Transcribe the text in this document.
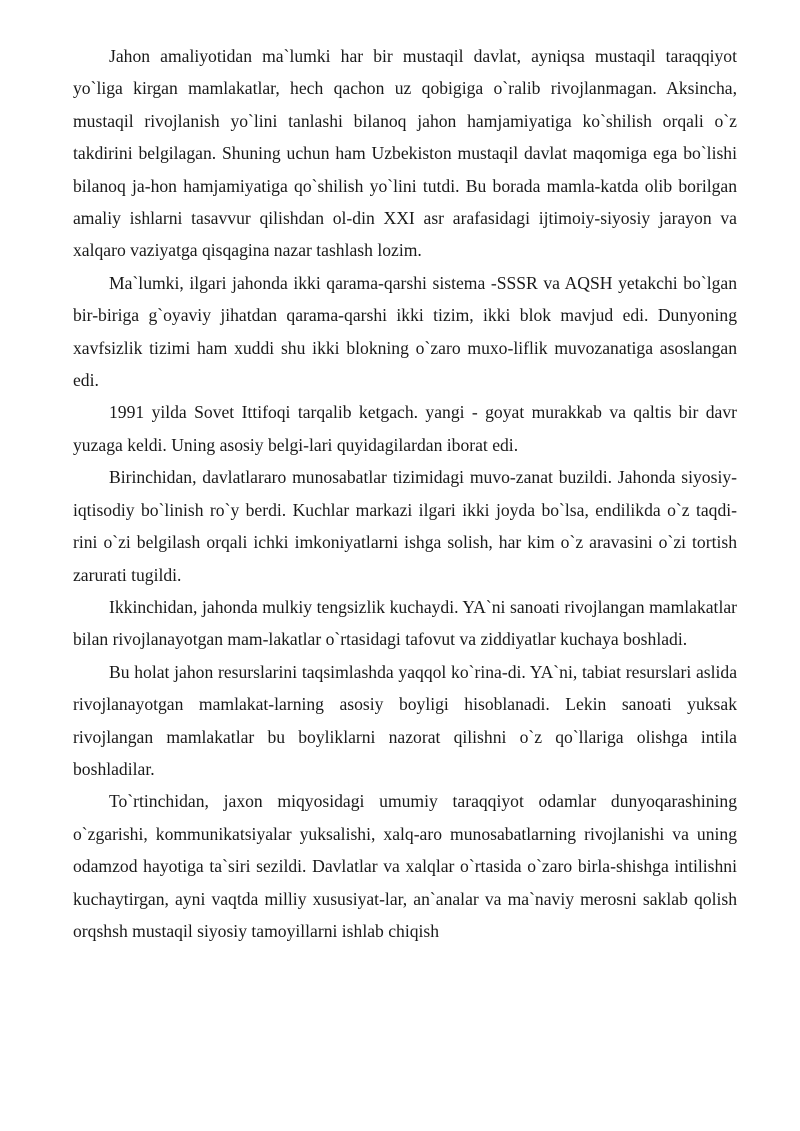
Jahon amaliyotidan ma`lumki har bir mustaqil davlat, ayniqsa mustaqil taraqqiyot yo`liga kirgan mamlakatlar, hech qachon uz qobigiga o`ralib rivojlanmagan. Aksincha, mustaqil rivojlanish yo`lini tanlashi bilanoq jahon hamjamiyatiga ko`shilish orqali o`z takdirini belgilagan. Shuning uchun ham Uzbekiston mustaqil davlat maqomiga ega bo`lishi bilanoq ja-hon hamjamiyatiga qo`shilish yo`lini tutdi. Bu borada mamla-katda olib borilgan amaliy ishlarni tasavvur qilishdan ol-din XXI asr arafasidagi ijtimoiy-siyosiy jarayon va xalqaro vaziyatga qisqagina nazar tashlash lozim.

Ma`lumki, ilgari jahonda ikki qarama-qarshi sistema -SSSR va AQSH yetakchi bo`lgan bir-biriga g`oyaviy jihatdan qarama-qarshi ikki tizim, ikki blok mavjud edi. Dunyoning xavfsizlik tizimi ham xuddi shu ikki blokning o`zaro muxo-liflik muvozanatiga asoslangan edi.

1991 yilda Sovet Ittifoqi tarqalib ketgach. yangi - goyat murakkab va qaltis bir davr yuzaga keldi. Uning asosiy belgi-lari quyidagilardan iborat edi.

Birinchidan, davlatlararo munosabatlar tizimidagi muvo-zanat buzildi. Jahonda siyosiy-iqtisodiy bo`linish ro`y berdi. Kuchlar markazi ilgari ikki joyda bo`lsa, endilikda o`z taqdi-rini o`zi belgilash orqali ichki imkoniyatlarni ishga solish, har kim o`z aravasini o`zi tortish zarurati tugildi.

Ikkinchidan, jahonda mulkiy tengsizlik kuchaydi. YA`ni sanoati rivojlangan mamlakatlar bilan rivojlanayotgan mam-lakatlar o`rtasidagi tafovut va ziddiyatlar kuchaya boshladi.

Bu holat jahon resurslarini taqsimlashda yaqqol ko`rina-di. YA`ni, tabiat resurslari aslida rivojlanayotgan mamlakat-larning asosiy boyligi hisoblanadi. Lekin sanoati yuksak rivojlangan mamlakatlar bu boyliklarni nazorat qilishni o`z qo`llariga olishga intila boshladilar.

To`rtinchidan, jaxon miqyosidagi umumiy taraqqiyot odamlar dunyoqarashining o`zgarishi, kommunikatsiyalar yuksalishi, xalq-aro munosabatlarning rivojlanishi va uning odamzod hayotiga ta`siri sezildi. Davlatlar va xalqlar o`rtasida o`zaro birla-shishga intilishni kuchaytirgan, ayni vaqtda milliy xususiyat-lar, an`analar va ma`naviy merosni saklab qolish orqshsh mustaqil siyosiy tamoyillarni ishlab chiqish
